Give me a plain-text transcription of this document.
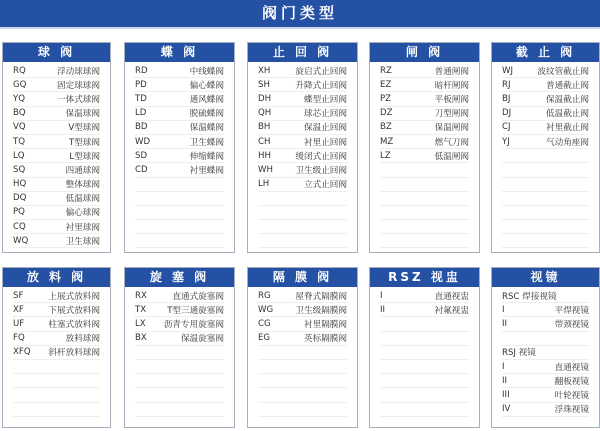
阀门类型
球 阀
RQ	浮动球球阀
GQ	固定球球阀
YQ	一体式球阀
BQ	保温球阀
VQ	V型球阀
TQ	T型球阀
LQ	L型球阀
SQ	四通球阀
HQ	整体球阀
DQ	低温球阀
PQ	偏心球阀
CQ	衬里球阀
WQ	卫生球阀
蝶 阀
RD	中线蝶阀
PD	偏心蝶阀
TD	通风蝶阀
LD	脱硫蝶阀
BD	保温蝶阀
WD	卫生蝶阀
SD	伸缩蝶阀
CD	衬里蝶阀
止 回 阀
XH	旋启式止回阀
SH	升降式止回阀
DH	蝶型止回阀
QH	球芯止回阀
BH	保温止回阀
CH	衬里止回阀
HH	缓闭式止回阀
WH	卫生级止回阀
LH	立式止回阀
闸 阀
RZ	普通闸阀
EZ	暗杆闸阀
PZ	平板闸阀
DZ	刀型闸阀
BZ	保温闸阀
MZ	燃气刀阀
LZ	低温闸阀
截 止 阀
WJ	波纹管截止阀
RJ	普通截止阀
BJ	保温截止阀
DJ	低温截止阀
CJ	衬里截止阀
YJ	气动角座阀
放 料 阀
SF	上展式放料阀
XF	下展式放料阀
UF	柱塞式放料阀
FQ	放料球阀
XFQ 斜杆放料球阀
旋 塞 阀
RX	直通式旋塞阀
TX T型三通旋塞阀
LX 沥青专用旋塞阀
BX	保温旋塞阀
隔 膜 阀
RG	屋脊式隔膜阀
WG	卫生级隔膜阀
CG	衬里隔膜阀
EG	英标隔膜阀
RSZ 视盅
I	直通视盅
II	衬氟视盅
视镜
RSC 焊接视镜
I	平焊视镜
II	带颈视镜
RSJ 视镜
I	直通视镜
II	翻板视镜
III	叶轮视镜
IV	浮珠视镜
